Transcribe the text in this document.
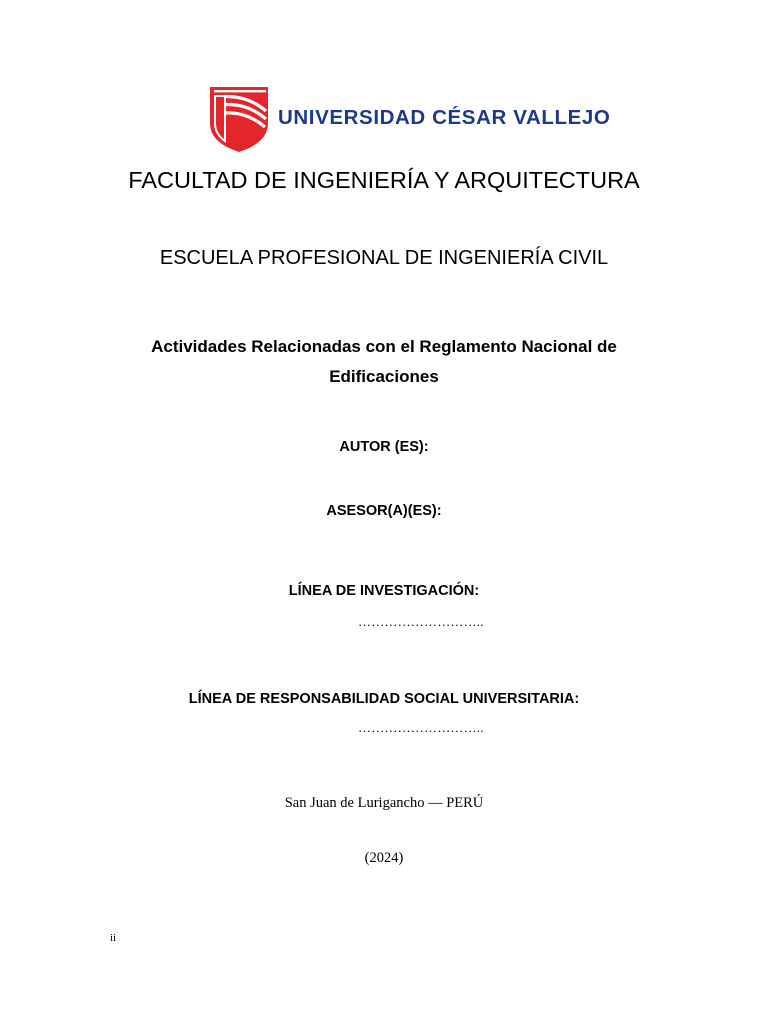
UNIVERSIDAD CÉSAR VALLEJO
FACULTAD DE INGENIERÍA Y ARQUITECTURA
ESCUELA PROFESIONAL DE INGENIERÍA CIVIL
Actividades Relacionadas con el Reglamento Nacional de
Edificaciones
AUTOR (ES):
ASESOR(A)(ES):
LÍNEA DE INVESTIGACIÓN:
………………………..
LÍNEA DE RESPONSABILIDAD SOCIAL UNIVERSITARIA:
………………………..
San Juan de Lurigancho — PERÚ
(2024)
ii
